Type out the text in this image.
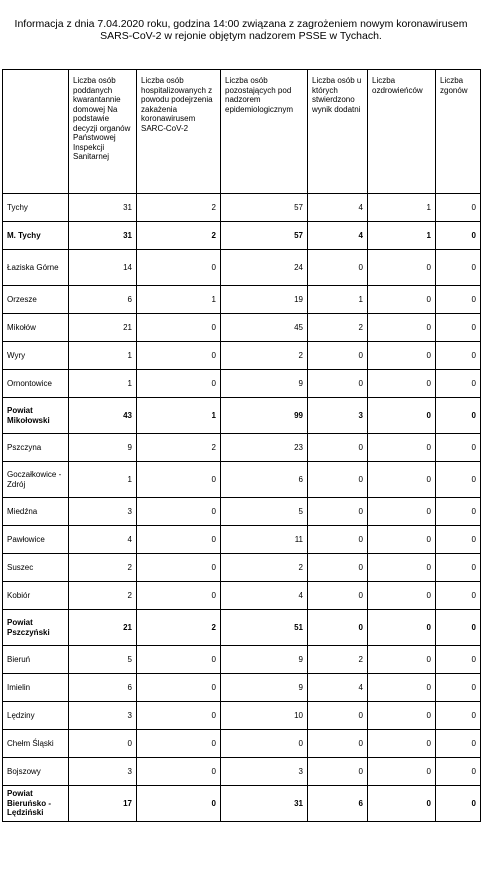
Informacja z dnia 7.04.2020 roku, godzina 14:00 związana z zagrożeniem nowym koronawirusem
SARS-CoV-2 w rejonie objętym nadzorem PSSE w Tychach.
	Liczba osób poddanych kwarantannie domowej Na podstawie decyzji organów Państwowej Inspekcji Sanitarnej	Liczba osób hospitalizowanych z powodu podejrzenia zakażenia koronawirusem SARC-CoV-2	Liczba osób pozostających pod nadzorem epidemiologicznym	Liczba osób u których stwierdzono wynik dodatni	Liczba ozdrowieńców	Liczba zgonów
Tychy	31	2	57	4	1	0
M. Tychy	31	2	57	4	1	0
Łaziska Górne	14	0	24	0	0	0
Orzesze	6	1	19	1	0	0
Mikołów	21	0	45	2	0	0
Wyry	1	0	2	0	0	0
Ornontowice	1	0	9	0	0	0
Powiat Mikołowski	43	1	99	3	0	0
Pszczyna	9	2	23	0	0	0
Goczałkowice - Zdrój	1	0	6	0	0	0
Miedźna	3	0	5	0	0	0
Pawłowice	4	0	11	0	0	0
Suszec	2	0	2	0	0	0
Kobiór	2	0	4	0	0	0
Powiat Pszczyński	21	2	51	0	0	0
Bieruń	5	0	9	2	0	0
Imielin	6	0	9	4	0	0
Lędziny	3	0	10	0	0	0
Chełm Śląski	0	0	0	0	0	0
Bojszowy	3	0	3	0	0	0
Powiat Bieruńsko - Lędziński	17	0	31	6	0	0
